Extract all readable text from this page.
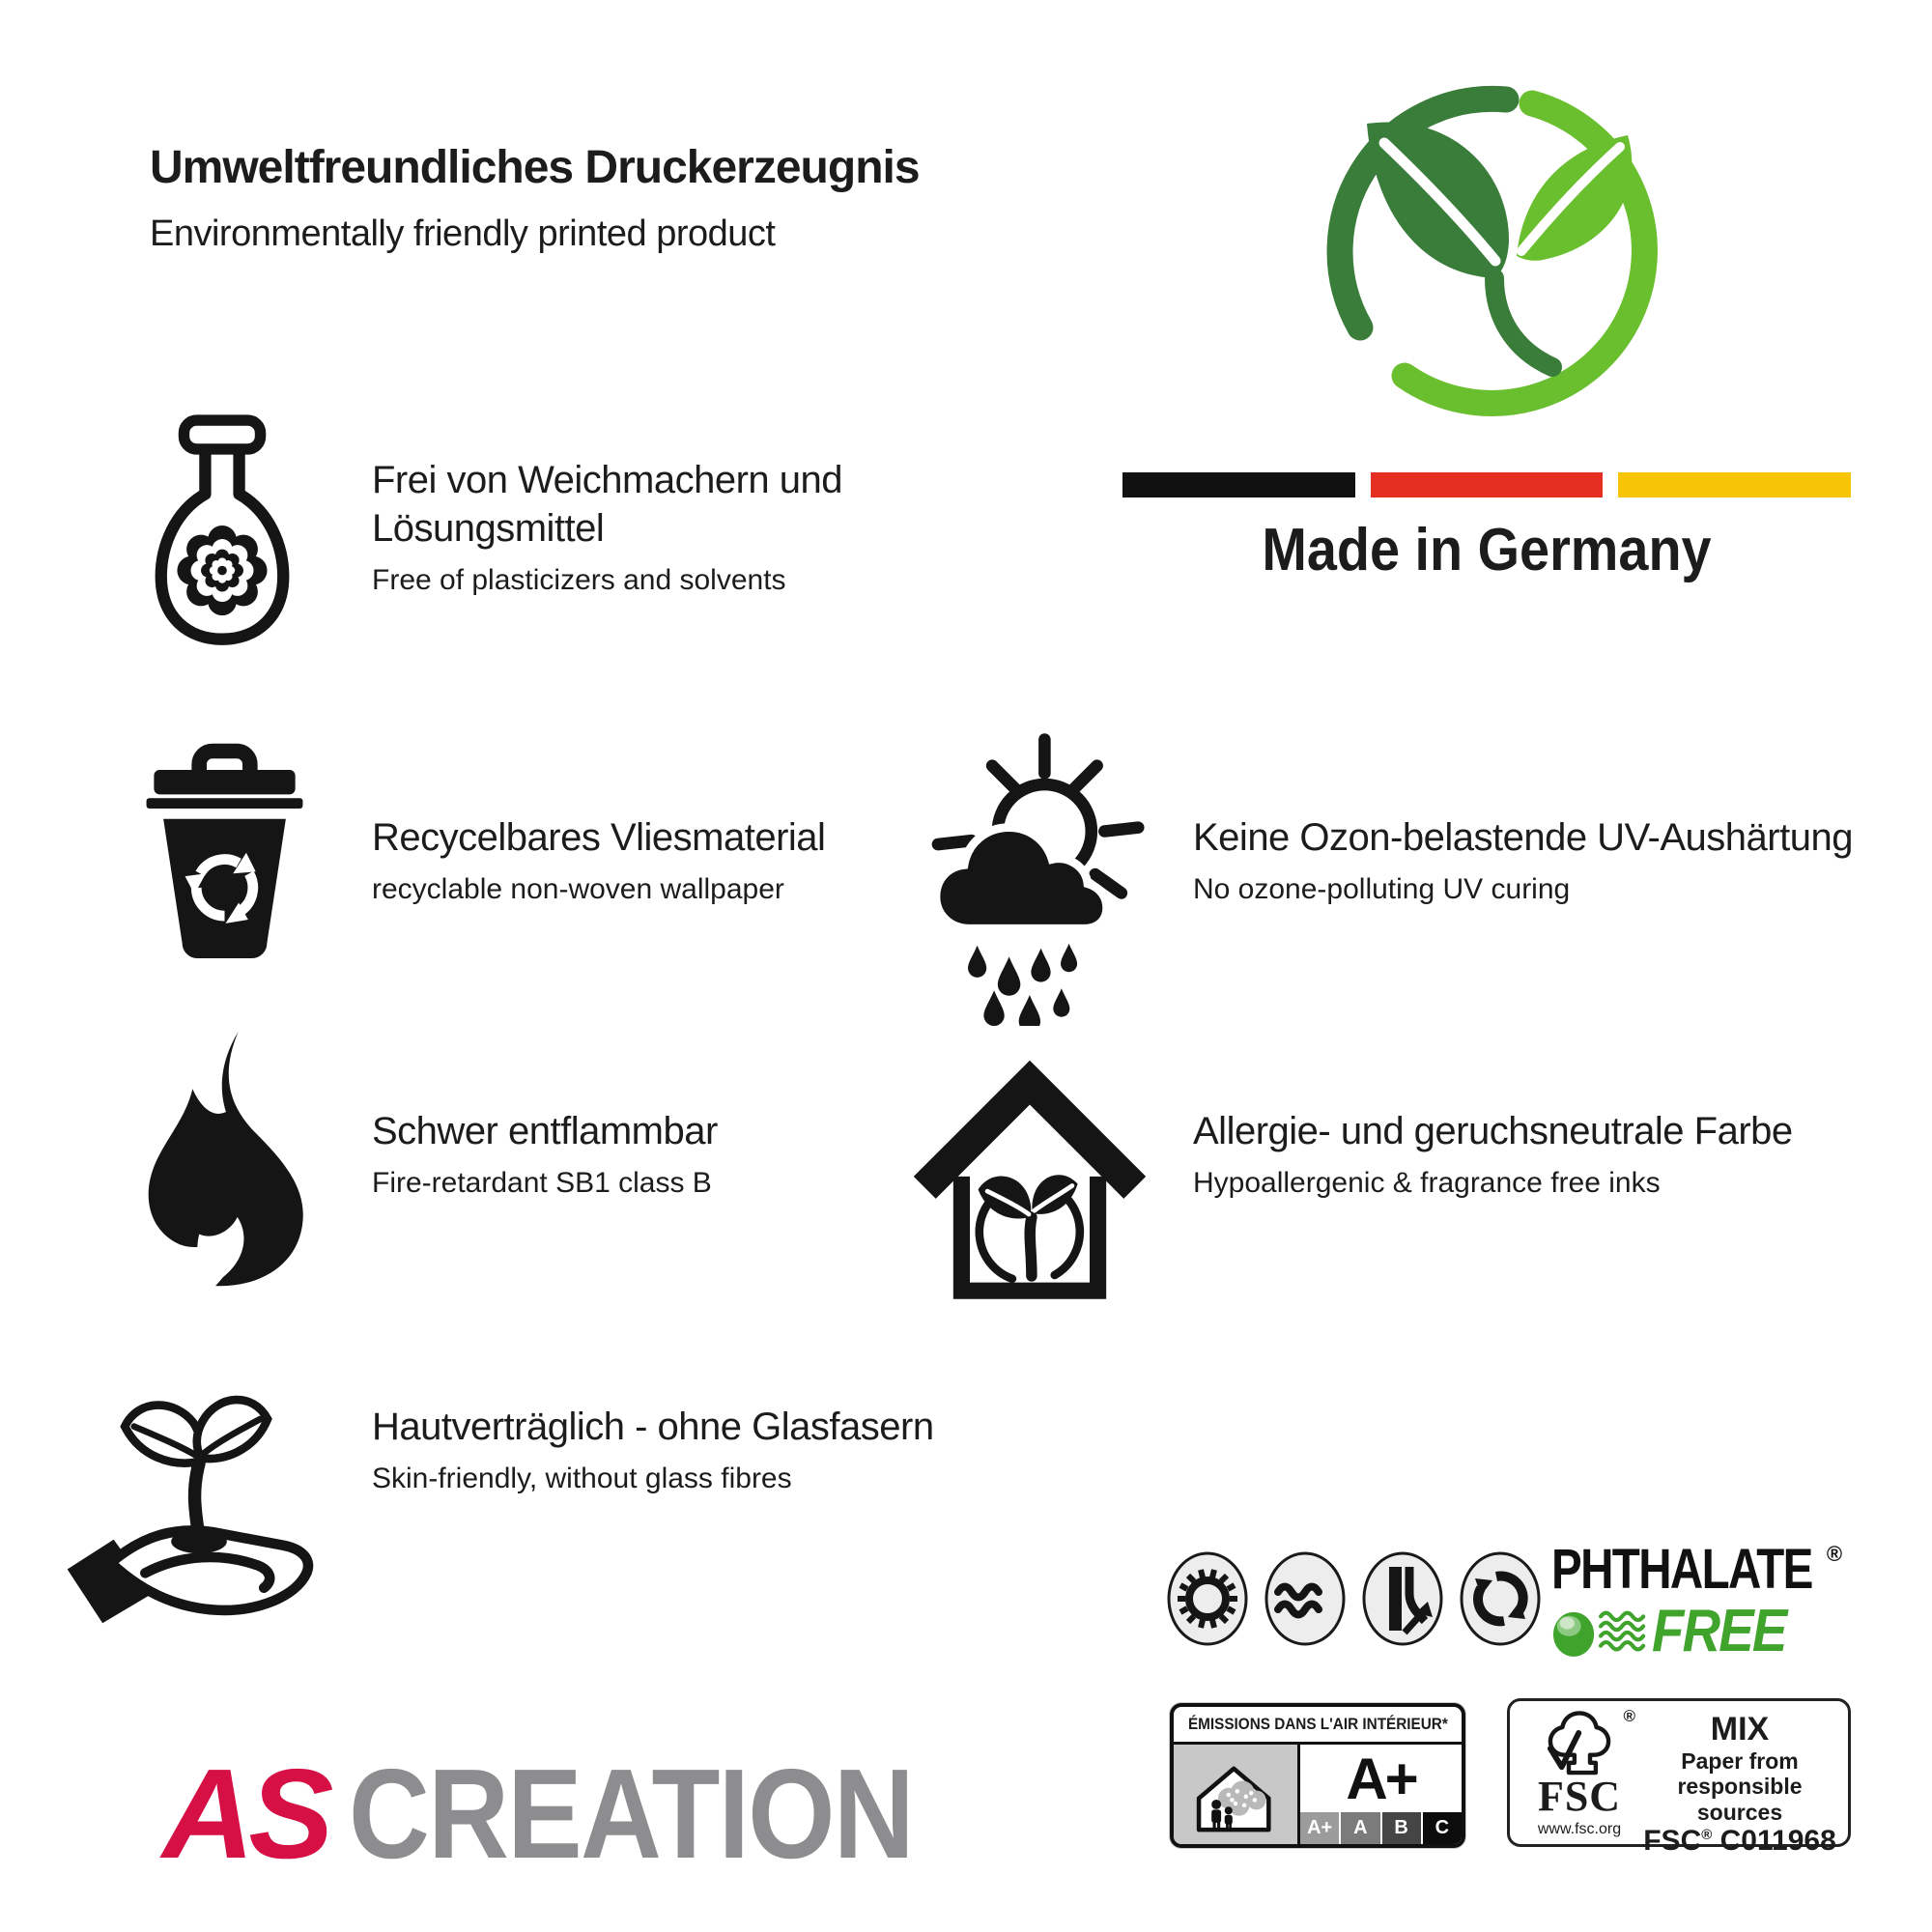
Umweltfreundliches Druckerzeugnis
Environmentally friendly printed product
Made in Germany
Frei von Weichmachern und Lösungsmittel
Free of plasticizers and solvents
Recycelbares Vliesmaterial
recyclable non-woven wallpaper
Schwer entflammbar
Fire-retardant SB1 class B
Hautverträglich - ohne Glasfasern
Skin-friendly, without glass fibres
Keine Ozon-belastende UV-Aushärtung
No ozone-polluting UV curing
Allergie- und geruchsneutrale Farbe
Hypoallergenic & fragrance free inks
AS CREATION
PHTHALATE ®
FREE
ÉMISSIONS DANS L'AIR INTÉRIEUR*
A+
A+	A	B	C
®
FSC
www.fsc.org
MIX
Paper from
responsible sources
FSC® C011968
